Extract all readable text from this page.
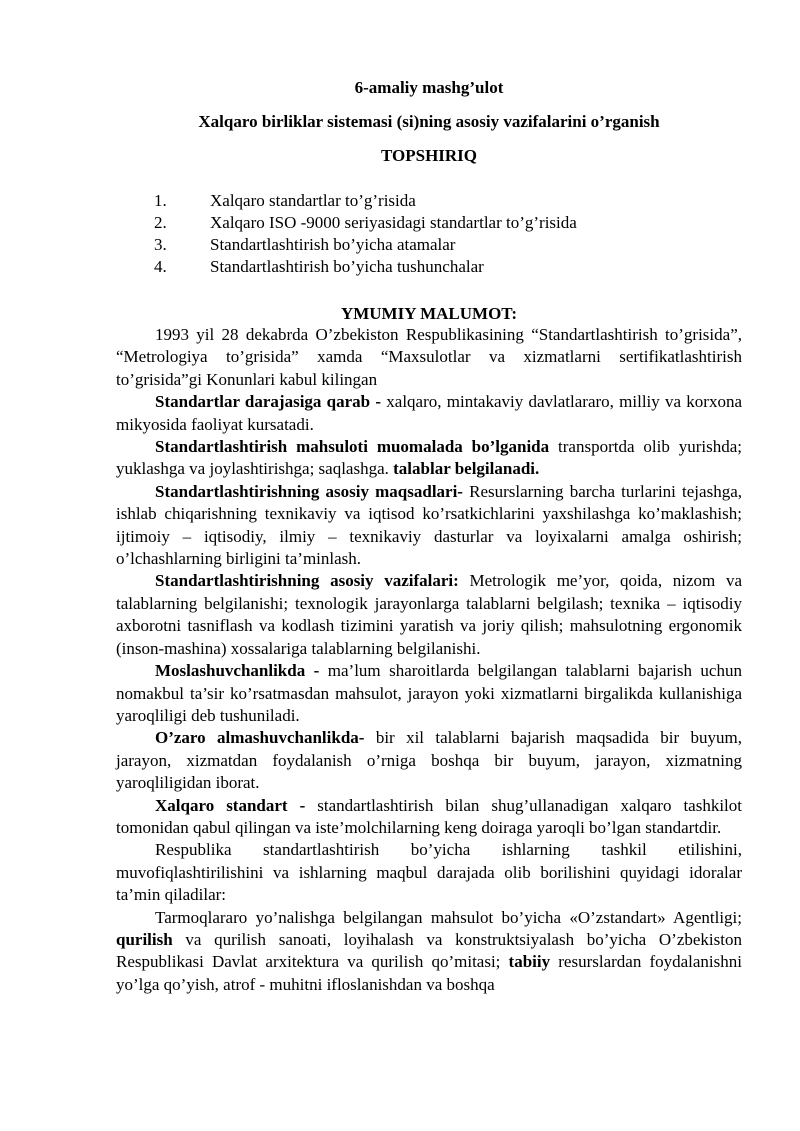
6-amaliy mashg’ulot

Xalqaro birliklar sistemasi (si)ning asosiy vazifalarini o’rganish

TOPSHIRIQ

1.	Xalqaro standartlar to’g’risida
2.	Xalqaro ISO -9000 seriyasidagi standartlar to’g’risida
3.	Standartlashtirish bo’yicha atamalar
4.	Standartlashtirish bo’yicha tushunchalar

YMUMIY MALUMOT:

1993 yil 28 dekabrda O’zbekiston Respublikasining “Standartlashtirish to’grisida”, “Metrologiya to’grisida” xamda “Maxsulotlar va xizmatlarni sertifikatlashtirish to’grisida”gi Konunlari kabul kilingan

Standartlar darajasiga qarab - xalqaro, mintakaviy davlatlararo, milliy va korxona mikyosida faoliyat kursatadi.

Standartlashtirish mahsuloti muomalada bo’lganida transportda olib yurishda; yuklashga va joylashtirishga; saqlashga. talablar belgilanadi.

Standartlashtirishning asosiy maqsadlari- Resurslarning barcha turlarini tejashga, ishlab chiqarishning texnikaviy va iqtisod ko’rsatkichlarini yaxshilashga ko’maklashish; ijtimoiy – iqtisodiy, ilmiy – texnikaviy dasturlar va loyixalarni amalga oshirish; o’lchashlarning birligini ta’minlash.

Standartlashtirishning asosiy vazifalari: Metrologik me’yor, qoida, nizom va talablarning belgilanishi; texnologik jarayonlarga talablarni belgilash; texnika – iqtisodiy axborotni tasniflash va kodlash tizimini yaratish va joriy qilish; mahsulotning ergonomik (inson-mashina) xossalariga talablarning belgilanishi.

Moslashuvchanlikda - ma’lum sharoitlarda belgilangan talablarni bajarish uchun nomakbul ta’sir ko’rsatmasdan mahsulot, jarayon yoki xizmatlarni birgalikda kullanishiga yaroqliligi deb tushuniladi.

O’zaro almashuvchanlikda- bir xil talablarni bajarish maqsadida bir buyum, jarayon, xizmatdan foydalanish o’rniga boshqa bir buyum, jarayon, xizmatning yaroqliligidan iborat.

Xalqaro standart - standartlashtirish bilan shug’ullanadigan xalqaro tashkilot tomonidan qabul qilingan va iste’molchilarning keng doiraga yaroqli bo’lgan standartdir.

Respublika standartlashtirish bo’yicha ishlarning tashkil etilishini, muvofiqlashtirilishini va ishlarning maqbul darajada olib borilishini quyidagi idoralar ta’min qiladilar:

Tarmoqlararo yo’nalishga belgilangan mahsulot bo’yicha «O’zstandart» Agentligi; qurilish va qurilish sanoati, loyihalash va konstruktsiyalash bo’yicha O’zbekiston Respublikasi Davlat arxitektura va qurilish qo’mitasi; tabiiy resurslardan foydalanishni yo’lga qo’yish, atrof - muhitni ifloslanishdan va boshqa
